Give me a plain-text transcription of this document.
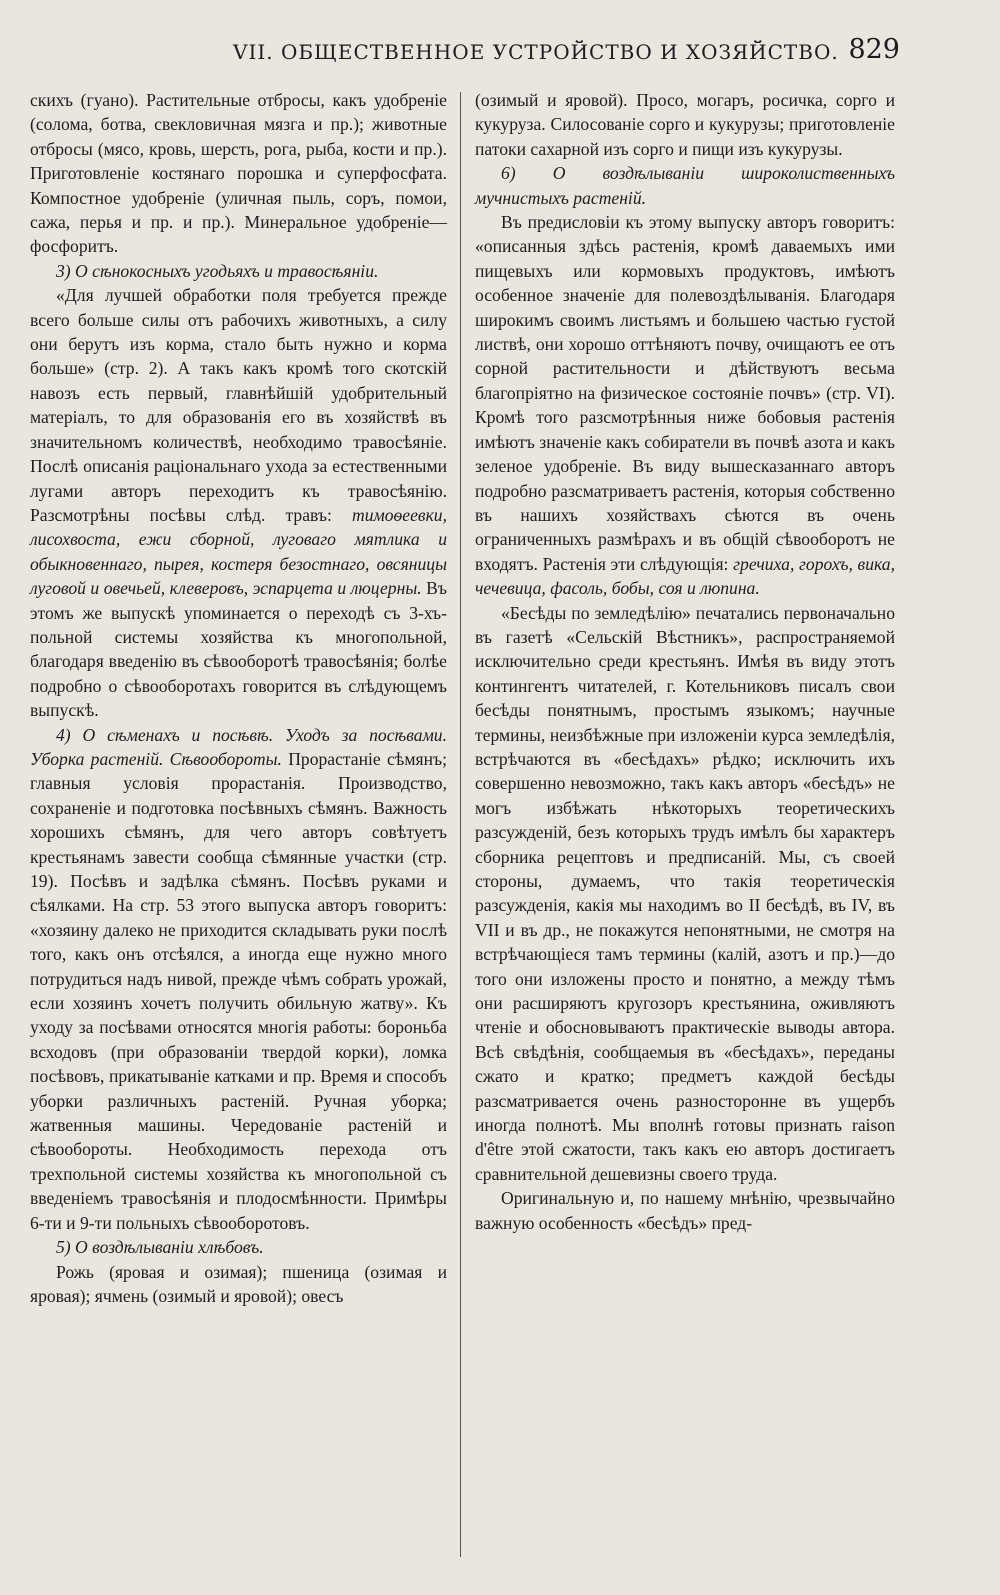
VII. ОБЩЕСТВЕННОЕ УСТРОЙСТВО И ХОЗЯЙСТВО. 829

скихъ (гуано). Растительные отбросы, какъ удобреніе (солома, ботва, свекловичная мязга и пр.); животные отбросы (мясо, кровь, шерсть, рога, рыба, кости и пр.). Приготовленіе костянаго порошка и суперфосфата. Компостное удобреніе (уличная пыль, соръ, помои, сажа, перья и пр. и пр.). Минеральное удобреніе—фосфоритъ.

3) О сѣнокосныхъ угодьяхъ и травосѣяніи.

«Для лучшей обработки поля требуется прежде всего больше силы отъ рабочихъ животныхъ, а силу они берутъ изъ корма, стало быть нужно и корма больше» (стр. 2). А такъ какъ кромѣ того скотскій навозъ есть первый, главнѣйшій удобрительный матеріалъ, то для образованія его въ хозяйствѣ въ значительномъ количествѣ, необходимо травосѣяніе. Послѣ описанія раціональнаго ухода за естественными лугами авторъ переходитъ къ травосѣянію. Разсмотрѣны посѣвы слѣд. травъ: тимоѳеевки, лисохвоста, ежи сборной, луговаго мятлика и обыкновеннаго, пырея, костеря безостнаго, овсяницы луговой и овечьей, клеверовъ, эспарцета и люцерны. Въ этомъ же выпускѣ упоминается о переходѣ съ 3-хъ-польной системы хозяйства къ многопольной, благодаря введенію въ сѣвооборотѣ травосѣянія; болѣе подробно о сѣвооборотахъ говорится въ слѣдующемъ выпускѣ.

4) О сѣменахъ и посѣвѣ. Уходъ за посѣвами. Уборка растеній. Сѣвообороты. Прорастаніе сѣмянъ; главныя условія прорастанія. Производство, сохраненіе и подготовка посѣвныхъ сѣмянъ. Важность хорошихъ сѣмянъ, для чего авторъ совѣтуетъ крестьянамъ завести сообща сѣмянные участки (стр. 19). Посѣвъ и задѣлка сѣмянъ. Посѣвъ руками и сѣялками. На стр. 53 этого выпуска авторъ говоритъ: «хозяину далеко не приходится складывать руки послѣ того, какъ онъ отсѣялся, а иногда еще нужно много потрудиться надъ нивой, прежде чѣмъ собрать урожай, если хозяинъ хочетъ получить обильную жатву». Къ уходу за посѣвами относятся многія работы: бороньба всходовъ (при образованіи твердой корки), ломка посѣвовъ, прикатываніе катками и пр. Время и способъ уборки различныхъ растеній. Ручная уборка; жатвенныя машины. Чередованіе растеній и сѣвообороты. Необходимость перехода отъ трехпольной системы хозяйства къ многопольной съ введеніемъ травосѣянія и плодосмѣнности. Примѣры 6-ти и 9-ти польныхъ сѣвооборотовъ.

5) О воздѣлываніи хлѣбовъ.

Рожь (яровая и озимая); пшеница (озимая и яровая); ячмень (озимый и яровой); овесъ

(озимый и яровой). Просо, могаръ, росичка, сорго и кукуруза. Силосованіе сорго и кукурузы; приготовленіе патоки сахарной изъ сорго и пищи изъ кукурузы.

6) О воздѣлываніи широколиственныхъ мучнистыхъ растеній.

Въ предисловіи къ этому выпуску авторъ говоритъ: «описанныя здѣсь растенія, кромѣ даваемыхъ ими пищевыхъ или кормовыхъ продуктовъ, имѣютъ особенное значеніе для полевоздѣлыванія. Благодаря широкимъ своимъ листьямъ и большею частью густой листвѣ, они хорошо оттѣняютъ почву, очищаютъ ее отъ сорной растительности и дѣйствуютъ весьма благопріятно на физическое состояніе почвъ» (стр. VI). Кромѣ того разсмотрѣнныя ниже бобовыя растенія имѣютъ значеніе какъ собиратели въ почвѣ азота и какъ зеленое удобреніе. Въ виду вышесказаннаго авторъ подробно разсматриваетъ растенія, которыя собственно въ нашихъ хозяйствахъ сѣются въ очень ограниченныхъ размѣрахъ и въ общій сѣвооборотъ не входятъ. Растенія эти слѣдующія: гречиха, горохъ, вика, чечевица, фасоль, бобы, соя и люпина.

«Бесѣды по земледѣлію» печатались первоначально въ газетѣ «Сельскій Вѣстникъ», распространяемой исключительно среди крестьянъ. Имѣя въ виду этотъ контингентъ читателей, г. Котельниковъ писалъ свои бесѣды понятнымъ, простымъ языкомъ; научные термины, неизбѣжные при изложеніи курса земледѣлія, встрѣчаются въ «бесѣдахъ» рѣдко; исключить ихъ совершенно невозможно, такъ какъ авторъ «бесѣдъ» не могъ избѣжать нѣкоторыхъ теоретическихъ разсужденій, безъ которыхъ трудъ имѣлъ бы характеръ сборника рецептовъ и предписаній. Мы, съ своей стороны, думаемъ, что такія теоретическія разсужденія, какія мы находимъ во II бесѣдѣ, въ IV, въ VII и въ др., не покажутся непонятными, не смотря на встрѣчающіеся тамъ термины (калій, азотъ и пр.)—до того они изложены просто и понятно, а между тѣмъ они расширяютъ кругозоръ крестьянина, оживляютъ чтеніе и обосновываютъ практическіе выводы автора. Всѣ свѣдѣнія, сообщаемыя въ «бесѣдахъ», переданы сжато и кратко; предметъ каждой бесѣды разсматривается очень разносторонне въ ущербъ иногда полнотѣ. Мы вполнѣ готовы признать raison d'être этой сжатости, такъ какъ ею авторъ достигаетъ сравнительной дешевизны своего труда.

Оригинальную и, по нашему мнѣнію, чрезвычайно важную особенность «бесѣдъ» пред-
